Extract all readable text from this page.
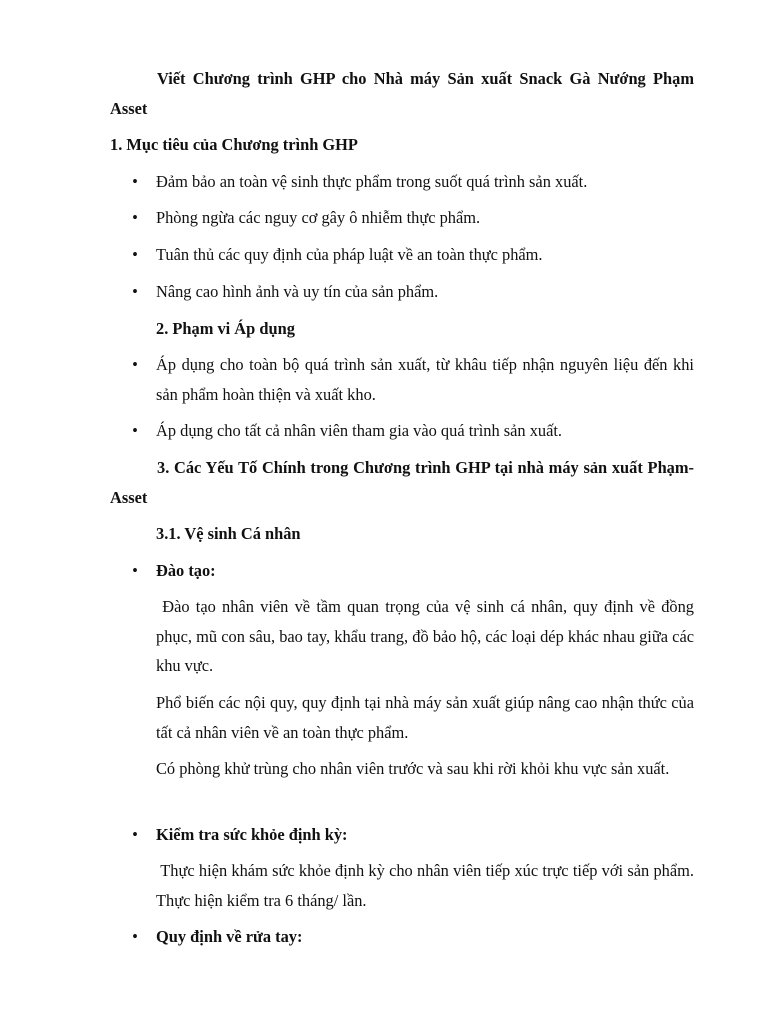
Viết Chương trình GHP cho Nhà máy Sản xuất Snack Gà Nướng Phạm Asset

1. Mục tiêu của Chương trình GHP

• Đảm bảo an toàn vệ sinh thực phẩm trong suốt quá trình sản xuất.
• Phòng ngừa các nguy cơ gây ô nhiễm thực phẩm.
• Tuân thủ các quy định của pháp luật về an toàn thực phẩm.
• Nâng cao hình ảnh và uy tín của sản phẩm.

2. Phạm vi Áp dụng

• Áp dụng cho toàn bộ quá trình sản xuất, từ khâu tiếp nhận nguyên liệu đến khi sản phẩm hoàn thiện và xuất kho.
• Áp dụng cho tất cả nhân viên tham gia vào quá trình sản xuất.

3. Các Yếu Tố Chính trong Chương trình GHP tại nhà máy sản xuất Phạm-Asset

3.1. Vệ sinh Cá nhân

• Đào tạo:

Đào tạo nhân viên về tầm quan trọng của vệ sinh cá nhân, quy định về đồng phục, mũ con sâu, bao tay, khẩu trang, đồ bảo hộ, các loại dép khác nhau giữa các khu vực.

Phổ biến các nội quy, quy định tại nhà máy sản xuất giúp nâng cao nhận thức của tất cả nhân viên về an toàn thực phẩm.

Có phòng khử trùng cho nhân viên trước và sau khi rời khỏi khu vực sản xuất.

• Kiểm tra sức khỏe định kỳ:

Thực hiện khám sức khỏe định kỳ cho nhân viên tiếp xúc trực tiếp với sản phẩm. Thực hiện kiểm tra 6 tháng/ lần.

• Quy định về rửa tay:
